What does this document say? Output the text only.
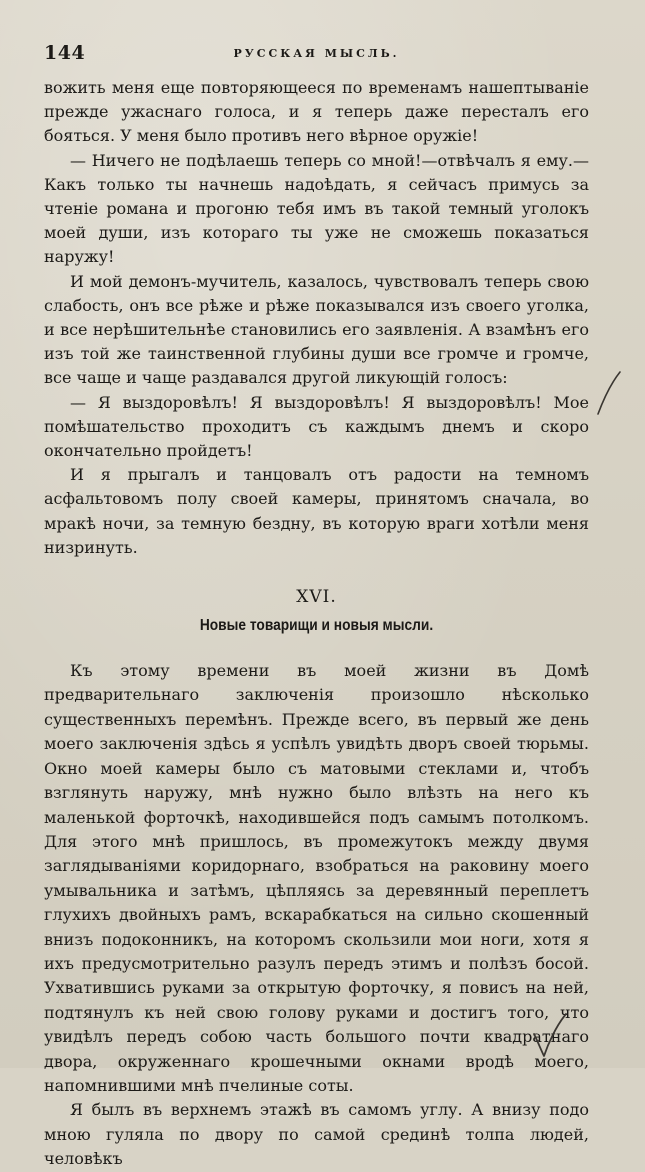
144	РУССКАЯ МЫСЛЬ.

вожить меня еще повторяющееся по временамъ нашептываніе прежде ужаснаго голоса, и я теперь даже пересталъ его бояться. У меня было противъ него вѣрное оружіе!

— Ничего не подѣлаешь теперь со мной!—отвѣчалъ я ему.— Какъ только ты начнешь надоѣдать, я сейчасъ примусь за чтеніе романа и прогоню тебя имъ въ такой темный уголокъ моей души, изъ котораго ты уже не сможешь показаться наружу!

И мой демонъ-мучитель, казалось, чувствовалъ теперь свою слабость, онъ все рѣже и рѣже показывался изъ своего уголка, и все нерѣшительнѣе становились его заявленія. А взамѣнъ его изъ той же таинственной глубины души все громче и громче, все чаще и чаще раздавался другой ликующій голосъ:

— Я выздоровѣлъ! Я выздоровѣлъ! Я выздоровѣлъ! Мое помѣшательство проходитъ съ каждымъ днемъ и скоро окончательно пройдетъ!

И я прыгалъ и танцовалъ отъ радости на темномъ асфальтовомъ полу своей камеры, принятомъ сначала, во мракѣ ночи, за темную бездну, въ которую враги хотѣли меня низринуть.

XVI.
Новые товарищи и новыя мысли.

Къ этому времени въ моей жизни въ Домѣ предварительнаго заключенія произошло нѣсколько существенныхъ перемѣнъ. Прежде всего, въ первый же день моего заключенія здѣсь я успѣлъ увидѣть дворъ своей тюрьмы. Окно моей камеры было съ матовыми стеклами и, чтобъ взглянуть наружу, мнѣ нужно было влѣзть на него къ маленькой форточкѣ, находившейся подъ самымъ потолкомъ. Для этого мнѣ пришлось, въ промежутокъ между двумя заглядываніями коридорнаго, взобраться на раковину моего умывальника и затѣмъ, цѣпляясь за деревянный переплетъ глухихъ двойныхъ рамъ, вскарабкаться на сильно скошенный внизъ подоконникъ, на которомъ скользили мои ноги, хотя я ихъ предусмотрительно разулъ передъ этимъ и полѣзъ босой. Ухватившись руками за открытую форточку, я повисъ на ней, подтянулъ къ ней свою голову руками и достигъ того, что увидѣлъ передъ собою часть большого почти квадратнаго двора, окруженнаго крошечными окнами вродѣ моего, напомнившими мнѣ пчелиные соты.

Я былъ въ верхнемъ этажѣ въ самомъ углу. А внизу подо мною гуляла по двору по самой срединѣ толпа людей, человѣкъ
